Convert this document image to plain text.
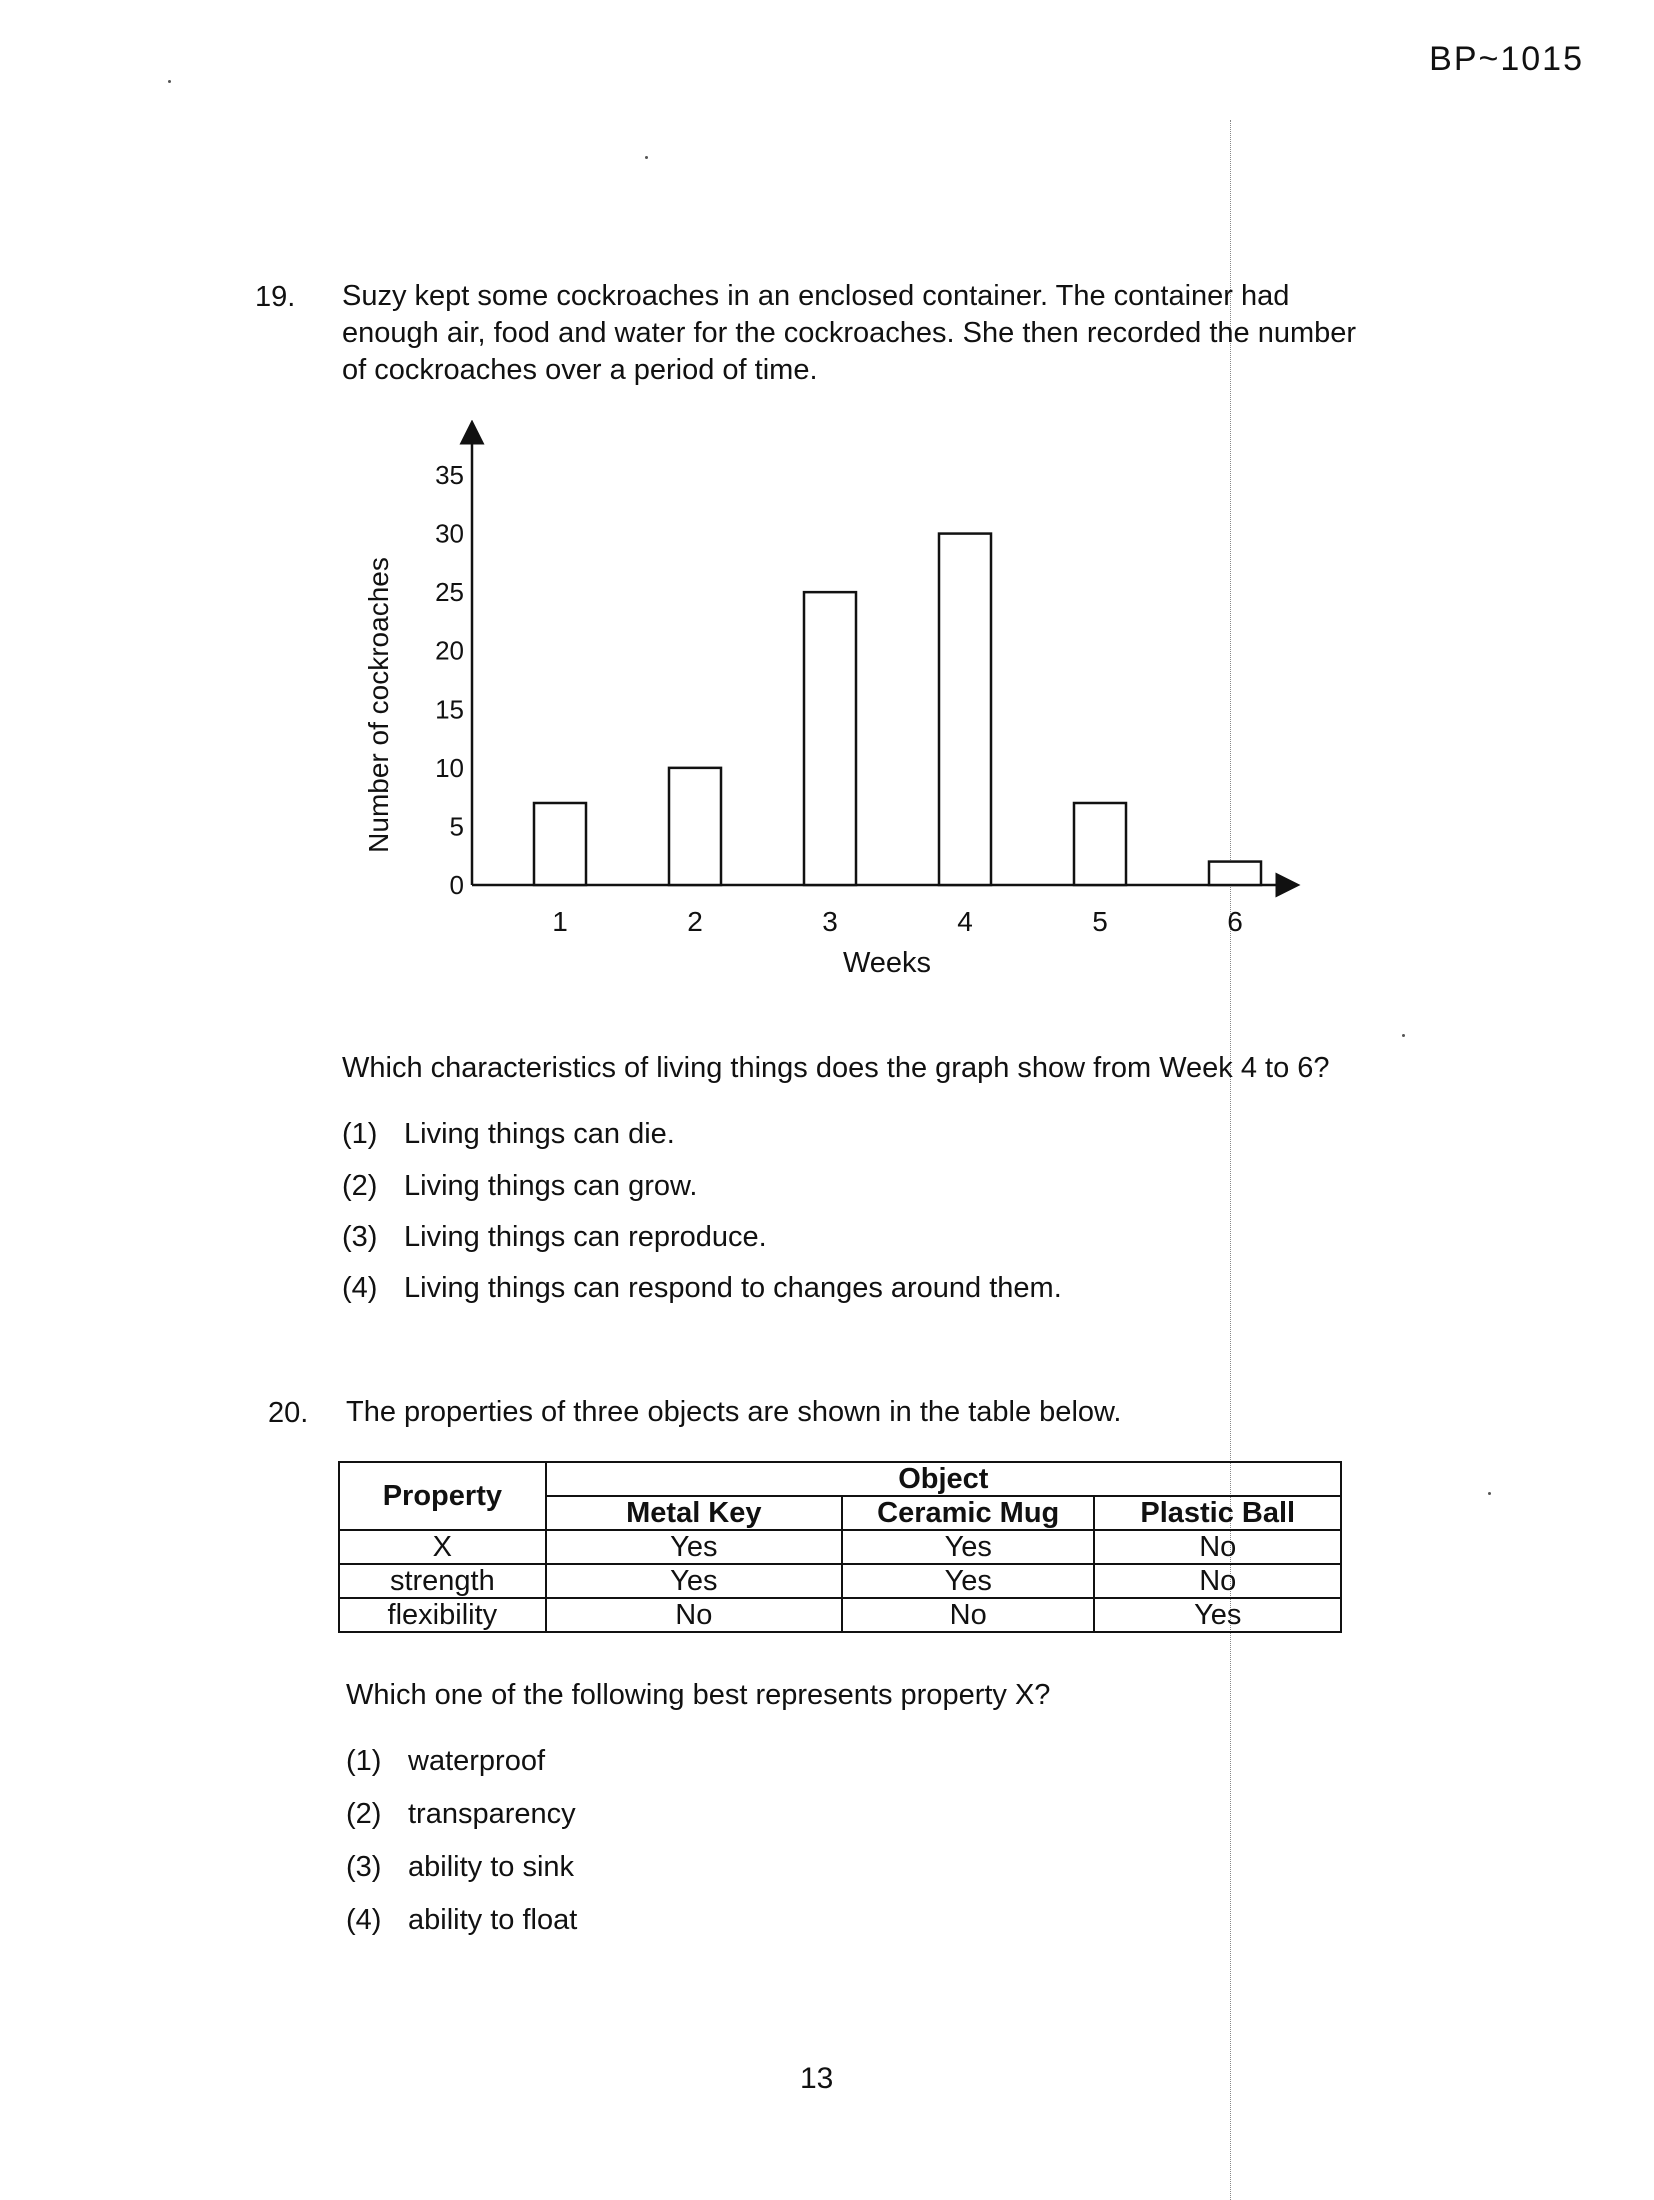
BP~1015
19. Suzy kept some cockroaches in an enclosed container. The container had enough air, food and water for the cockroaches. She then recorded the number of cockroaches over a period of time.
0
5
10
15
20
25
30
35
1	2	3	4	5	6
Number of cockroaches
Weeks
Which characteristics of living things does the graph show from Week 4 to 6?
(1) Living things can die.
(2) Living things can grow.
(3) Living things can reproduce.
(4) Living things can respond to changes around them.
20. The properties of three objects are shown in the table below.
Property	Object		
	Metal Key	Ceramic Mug	Plastic Ball
X	Yes	Yes	No
strength	Yes	Yes	No
flexibility	No	No	Yes
Which one of the following best represents property X?
(1) waterproof
(2) transparency
(3) ability to sink
(4) ability to float
13
